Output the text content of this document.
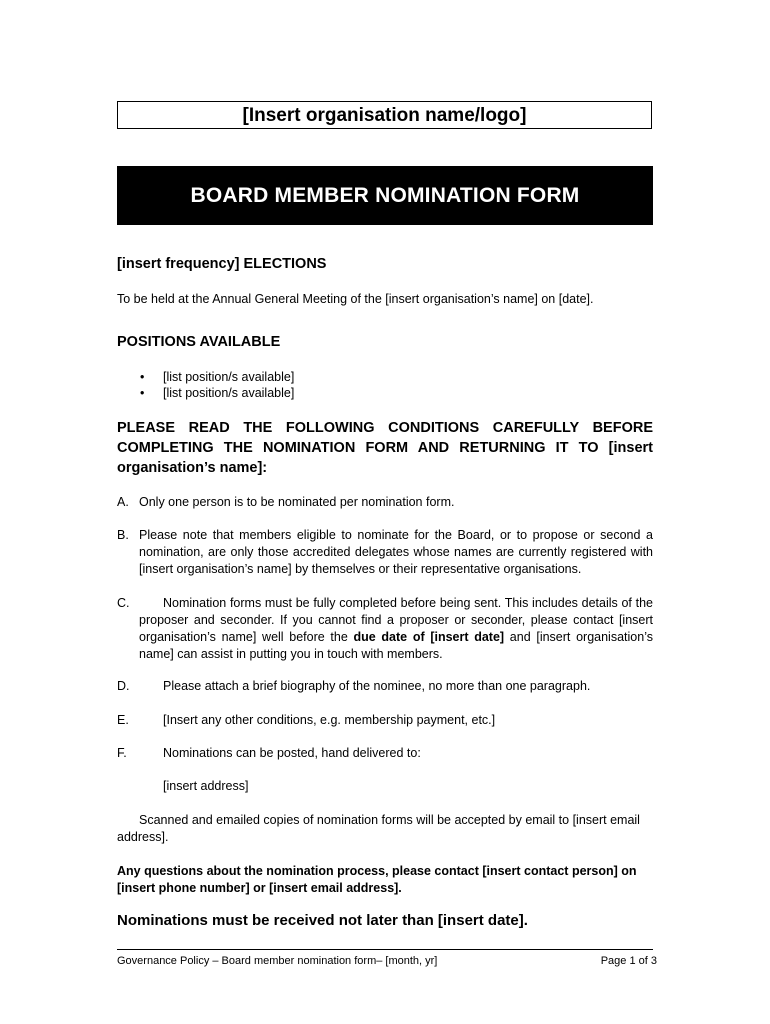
[Insert organisation name/logo]
BOARD MEMBER NOMINATION FORM
[insert frequency] ELECTIONS
To be held at the Annual General Meeting of the [insert organisation’s name] on [date].
POSITIONS AVAILABLE
• [list position/s available]
• [list position/s available]
PLEASE READ THE FOLLOWING CONDITIONS CAREFULLY BEFORE COMPLETING THE NOMINATION FORM AND RETURNING IT TO [insert organisation’s name]:
A. Only one person is to be nominated per nomination form.
B. Please note that members eligible to nominate for the Board, or to propose or second a nomination, are only those accredited delegates whose names are currently registered with [insert organisation’s name] by themselves or their representative organisations.
C.	Nomination forms must be fully completed before being sent. This includes details of the proposer and seconder. If you cannot find a proposer or seconder, please contact [insert organisation’s name] well before the due date of [insert date] and [insert organisation’s name] can assist in putting you in touch with members.
D.	Please attach a brief biography of the nominee, no more than one paragraph.
E.	[Insert any other conditions, e.g. membership payment, etc.]
F.	Nominations can be posted, hand delivered to:
[insert address]
Scanned and emailed copies of nomination forms will be accepted by email to [insert email address].
Any questions about the nomination process, please contact [insert contact person] on [insert phone number] or [insert email address].
Nominations must be received not later than [insert date].
Governance Policy – Board member nomination form– [month, yr]	Page 1 of 3
